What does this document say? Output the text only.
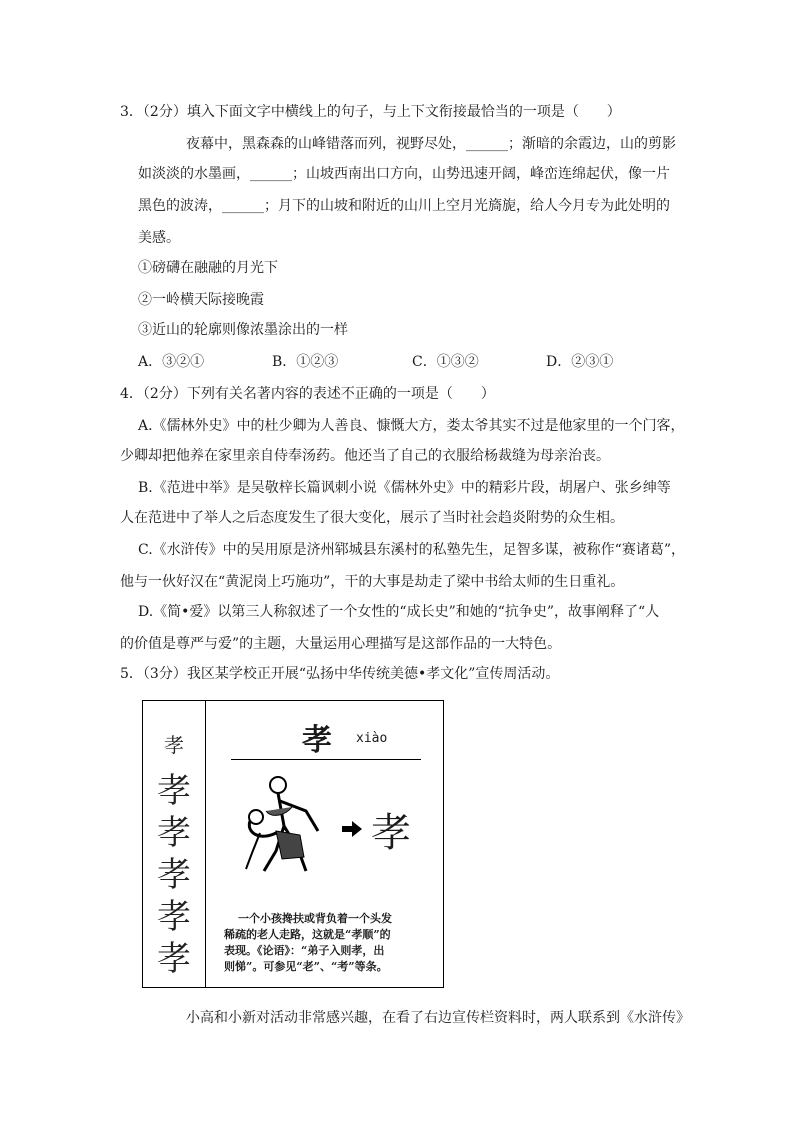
3．（2分）填入下面文字中横线上的句子，与上下文衔接最恰当的一项是（　　）
夜幕中，黑森森的山峰错落而列，视野尽处，______；渐暗的余霞边，山的剪影
如淡淡的水墨画，______；山坡西南出口方向，山势迅速开阔，峰峦连绵起伏，像一片
黑色的波涛，______；月下的山坡和附近的山川上空月光旖旎，给人今月专为此处明的
美感。
①磅礴在融融的月光下
②一岭横天际接晚霞
③近山的轮廓则像浓墨涂出的一样
A．③②①	B．①②③	C．①③②	D．②③①
4．（2分）下列有关名著内容的表述不正确的一项是（　　）
A.《儒林外史》中的杜少卿为人善良、慷慨大方，娄太爷其实不过是他家里的一个门客，
少卿却把他养在家里亲自侍奉汤药。他还当了自己的衣服给杨裁缝为母亲治丧。
B.《范进中举》是吴敬梓长篇讽刺小说《儒林外史》中的精彩片段，胡屠户、张乡绅等
人在范进中了举人之后态度发生了很大变化，展示了当时社会趋炎附势的众生相。
C.《水浒传》中的吴用原是济州郓城县东溪村的私塾先生，足智多谋，被称作“赛诸葛”，
他与一伙好汉在“黄泥岗上巧施功”，干的大事是劫走了梁中书给太师的生日重礼。
D.《简•爱》以第三人称叙述了一个女性的“成长史”和她的“抗争史”，故事阐释了“人
的价值是尊严与爱”的主题，大量运用心理描写是这部作品的一大特色。
5．（3分）我区某学校正开展“弘扬中华传统美德•孝文化”宣传周活动。
孝
孝
孝
孝
孝
孝
孝 xiào
孝
一个小孩搀扶或背负着一个头发
稀疏的老人走路，这就是“孝顺”的
表现。《论语》：“弟子入则孝，出
则悌”。可参见“老”、“考”等条。
小高和小新对活动非常感兴趣，在看了右边宣传栏资料时，两人联系到《水浒传》
